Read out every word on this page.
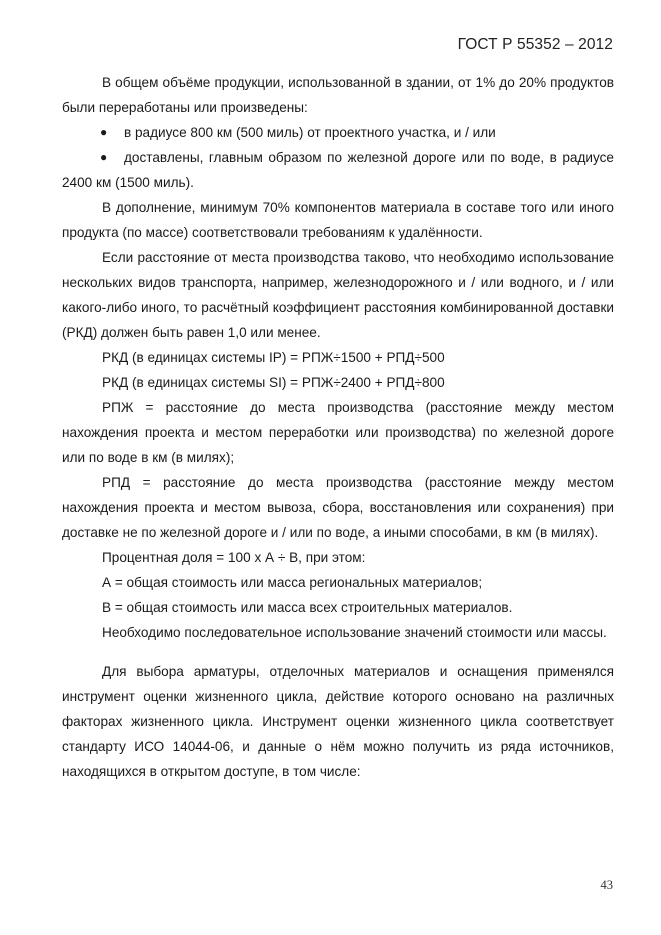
ГОСТ Р 55352 – 2012

В общем объёме продукции, использованной в здании, от 1% до 20% продуктов были переработаны или произведены:

● в радиусе 800 км (500 миль) от проектного участка, и / или

● доставлены, главным образом по железной дороге или по воде, в радиусе 2400 км (1500 миль).

В дополнение, минимум 70% компонентов материала в составе того или иного продукта (по массе) соответствовали требованиям к удалённости.

Если расстояние от места производства таково, что необходимо использование нескольких видов транспорта, например, железнодорожного и / или водного, и / или какого-либо иного, то расчётный коэффициент расстояния комбинированной доставки (РКД) должен быть равен 1,0 или менее.

РКД (в единицах системы IP) = РПЖ÷1500 + РПД÷500

РКД (в единицах системы SI) = РПЖ÷2400 + РПД÷800

РПЖ = расстояние до места производства (расстояние между местом нахождения проекта и местом переработки или производства) по железной дороге или по воде в км (в милях);

РПД = расстояние до места производства (расстояние между местом нахождения проекта и местом вывоза, сбора, восстановления или сохранения) при доставке не по железной дороге и / или по воде, а иными способами, в км (в милях).

Процентная доля = 100 х А ÷ В, при этом:

А = общая стоимость или масса региональных материалов;

В = общая стоимость или масса всех строительных материалов.

Необходимо последовательное использование значений стоимости или массы.

Для выбора арматуры, отделочных материалов и оснащения применялся инструмент оценки жизненного цикла, действие которого основано на различных факторах жизненного цикла. Инструмент оценки жизненного цикла соответствует стандарту ИСО 14044-06, и данные о нём можно получить из ряда источников, находящихся в открытом доступе, в том числе:

43
